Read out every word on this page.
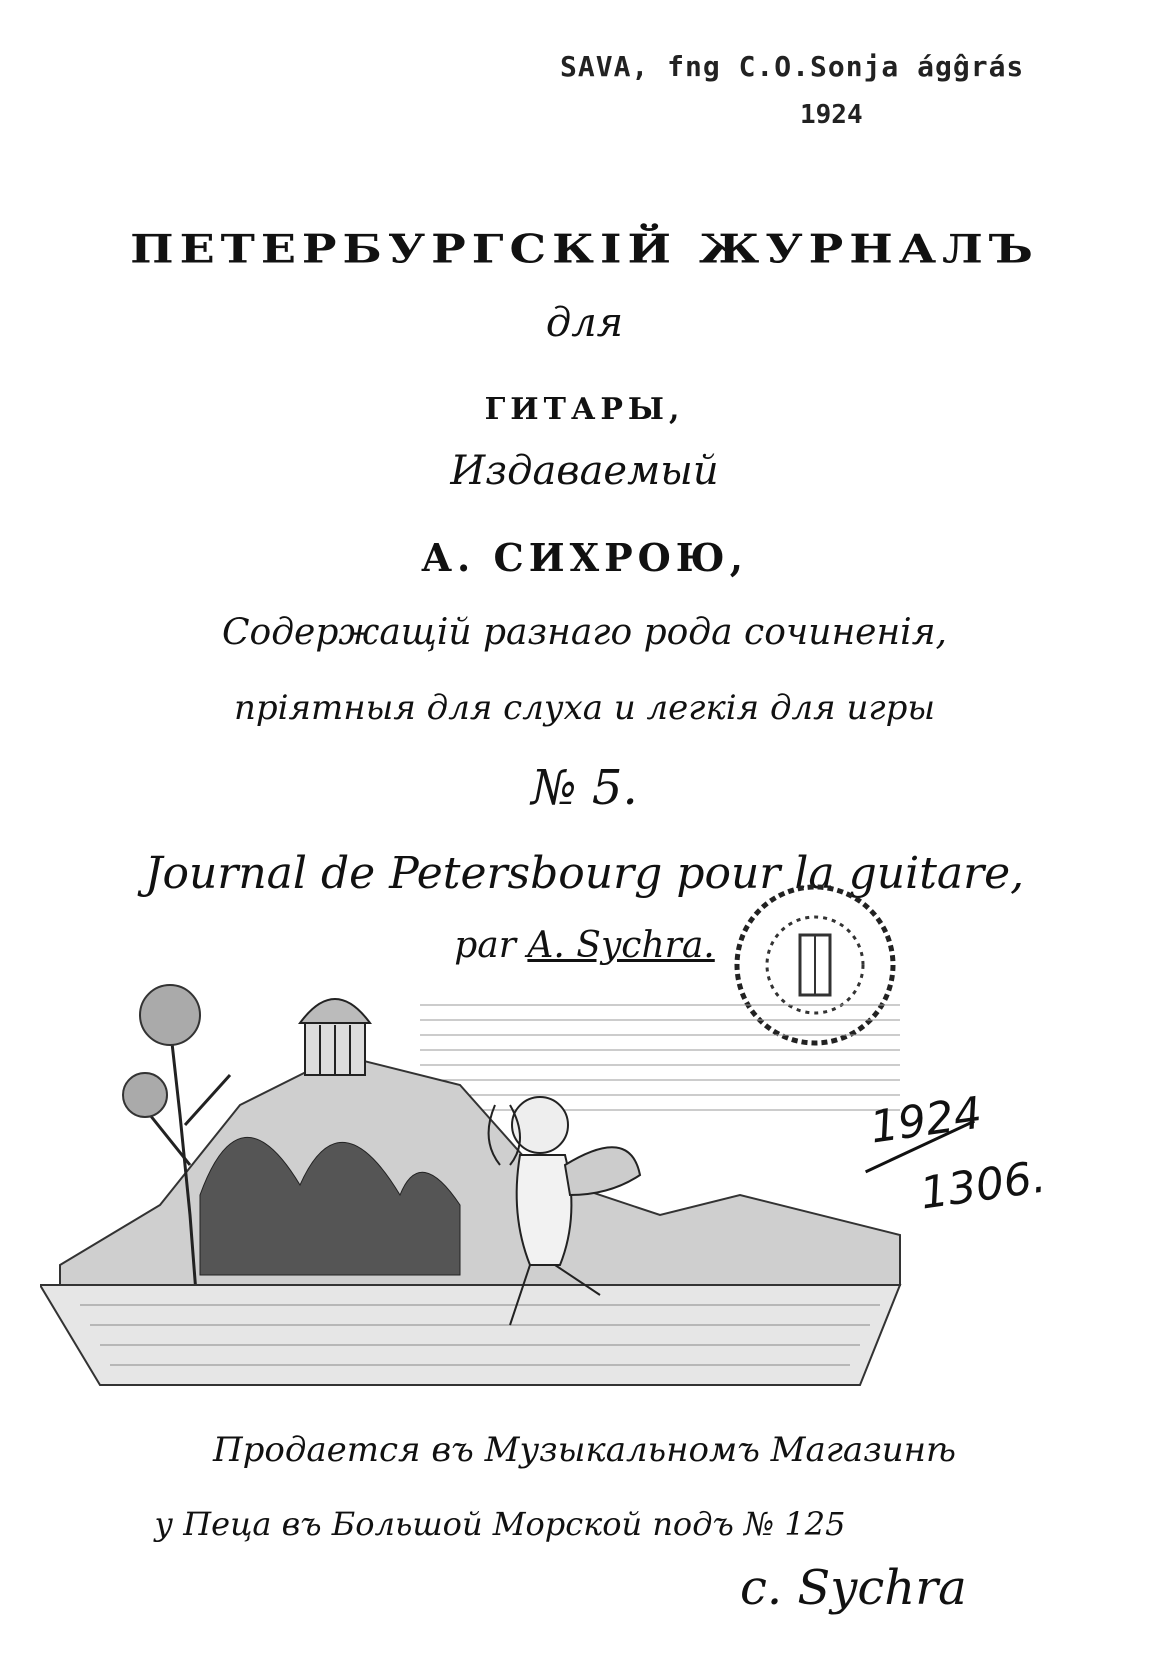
SAVA, fng C.O.Sonja ágĝrás
1924
ПЕТЕРБУРГСКІЙ ЖУРНАЛЪ
для
ГИТАРЫ,
Издаваемый
А. СИХРОЮ,
Содержащій разнаго рода сочиненія,
пріятныя для слуха и легкія для игры
№ 5.
Journal de Petersbourg pour la guitare,
par A. Sychra.
1924
1306.
Продается въ Музыкальномъ Магазинѣ
у Пеца въ Большой Морской подъ № 125
c. Sychra
